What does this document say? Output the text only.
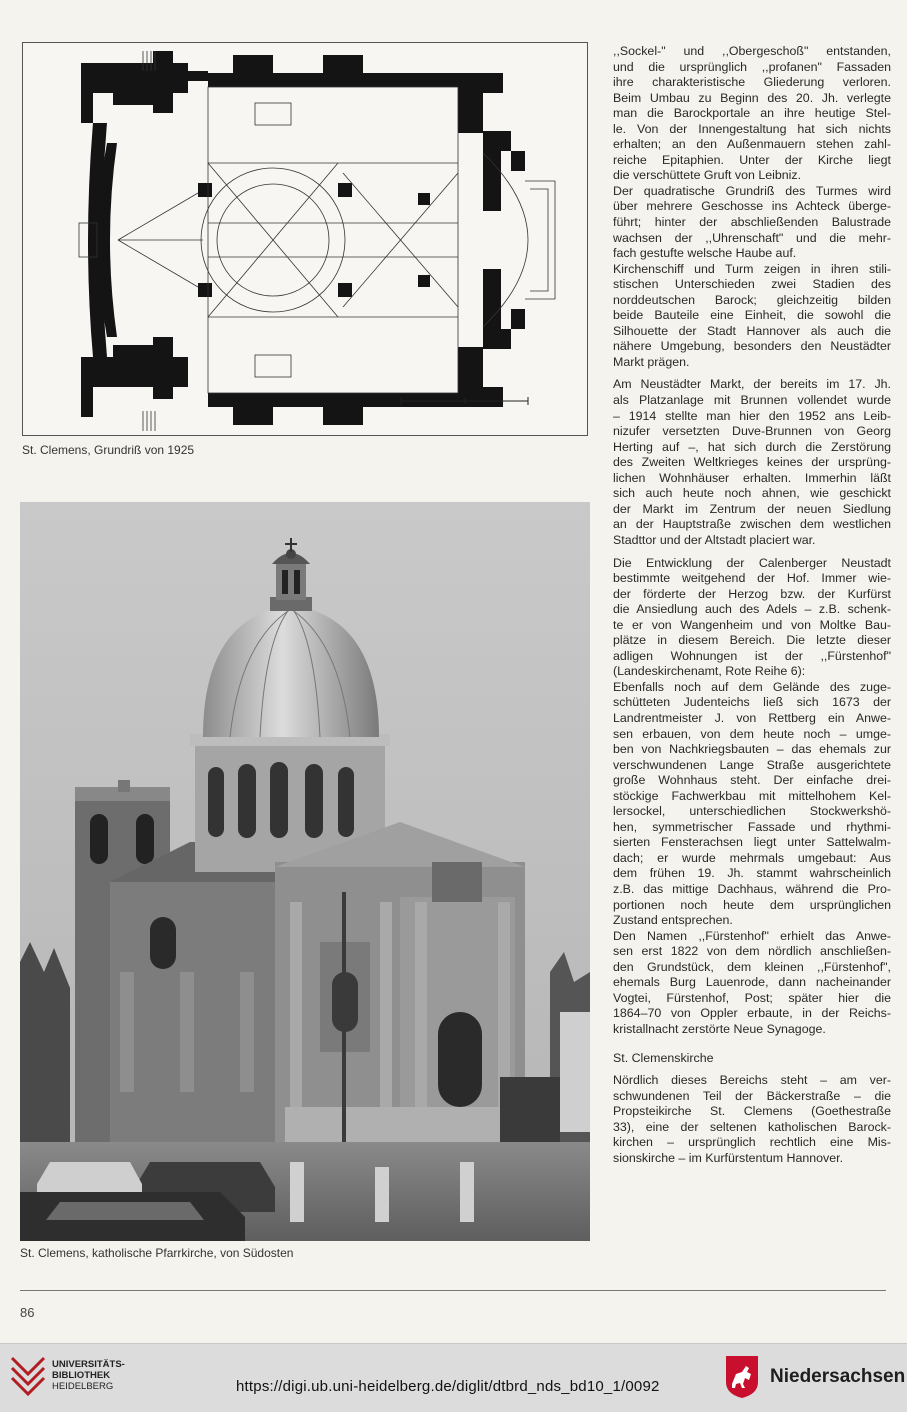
St. Clemens, Grundriß von 1925
St. Clemens, katholische Pfarrkirche, von Südosten

,,Sockel-" und ,,Obergeschoß" entstanden,
und die ursprünglich ,,profanen" Fassaden
ihre charakteristische Gliederung verloren.
Beim Umbau zu Beginn des 20. Jh. verlegte
man die Barockportale an ihre heutige Stel-
le. Von der Innengestaltung hat sich nichts
erhalten; an den Außenmauern stehen zahl-
reiche Epitaphien. Unter der Kirche liegt
die verschüttete Gruft von Leibniz.

Der quadratische Grundriß des Turmes wird
über mehrere Geschosse ins Achteck übergе-
führt; hinter der abschließenden Balustrade
wachsen der ,,Uhrenschaft" und die mehr-
fach gestufte welsche Haube auf.

Kirchenschiff und Turm zeigen in ihren stili-
stischen Unterschieden zwei Stadien des
norddeutschen Barock; gleichzeitig bilden
beide Bauteile eine Einheit, die sowohl die
Silhouette der Stadt Hannover als auch die
nähere Umgebung, besonders den Neustädter
Markt prägen.

Am Neustädter Markt, der bereits im 17. Jh.
als Platzanlage mit Brunnen vollendet wurde
– 1914 stellte man hier den 1952 ans Leib-
nizufer versetzten Duve-Brunnen von Georg
Herting auf –, hat sich durch die Zerstörung
des Zweiten Weltkrieges keines der ursprüng-
lichen Wohnhäuser erhalten. Immerhin läßt
sich auch heute noch ahnen, wie geschickt
der Markt im Zentrum der neuen Siedlung
an der Hauptstraße zwischen dem westlichen
Stadttor und der Altstadt placiert war.

Die Entwicklung der Calenberger Neustadt
bestimmte weitgehend der Hof. Immer wie-
der förderte der Herzog bzw. der Kurfürst
die Ansiedlung auch des Adels – z.B. schenk-
te er von Wangenheim und von Moltke Bau-
plätze in diesem Bereich. Die letzte dieser
adligen Wohnungen ist der ,,Fürstenhof"
(Landeskirchenamt, Rote Reihe 6):

Ebenfalls noch auf dem Gelände des zuge-
schütteten Judenteichs ließ sich 1673 der
Landrentmeister J. von Rettberg ein Anwe-
sen erbauen, von dem heute noch – umge-
ben von Nachkriegsbauten – das ehemals zur
verschwundenen Lange Straße ausgerichtete
große Wohnhaus steht. Der einfache drei-
stöckige Fachwerkbau mit mittelhohem Kel-
lersockel, unterschiedlichen Stockwerkshö-
hen, symmetrischer Fassade und rhythmi-
sierten Fensterachsen liegt unter Sattelwalm-
dach; er wurde mehrmals umgebaut: Aus
dem frühen 19. Jh. stammt wahrscheinlich
z.B. das mittige Dachhaus, während die Pro-
portionen noch heute dem ursprünglichen
Zustand entsprechen.

Den Namen ,,Fürstenhof" erhielt das Anwe-
sen erst 1822 von dem nördlich anschließen-
den Grundstück, dem kleinen ,,Fürstenhof",
ehemals Burg Lauenrode, dann nacheinander
Vogtei, Fürstenhof, Post; später hier die
1864–70 von Oppler erbaute, in der Reichs-
kristallnacht zerstörte Neue Synagoge.

St. Clemenskirche

Nördlich dieses Bereichs steht – am ver-
schwundenen Teil der Bäckerstraße – die
Propsteikirche St. Clemens (Goethestraße
33), eine der seltenen katholischen Barock-
kirchen – ursprünglich rechtlich eine Mis-
sionskirche – im Kurfürstentum Hannover.

86
UNIVERSITÄTS-
BIBLIOTHEK
HEIDELBERG	https://digi.ub.uni-heidelberg.de/diglit/dtbrd_nds_bd10_1/0092	Niedersachsen
